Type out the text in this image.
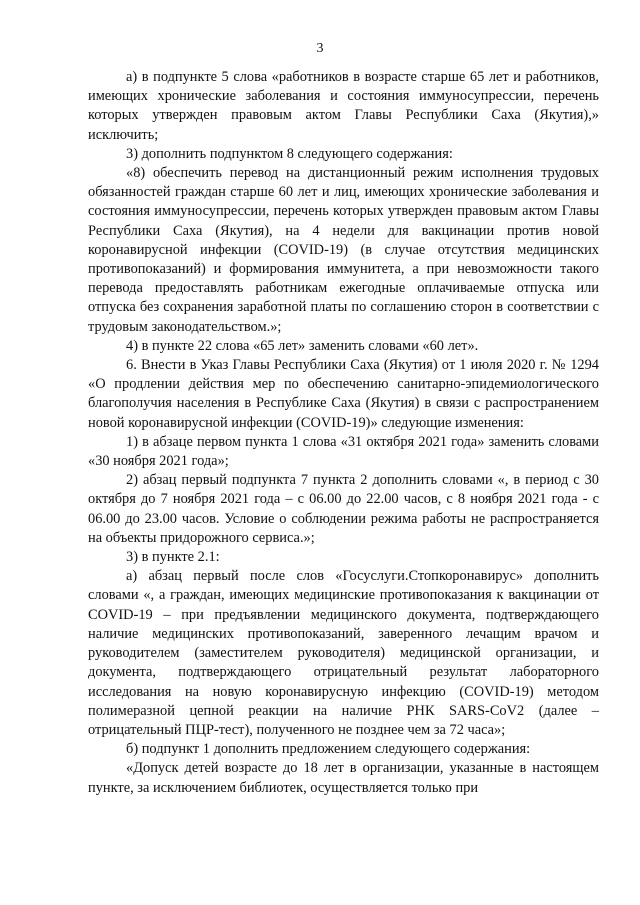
3

а) в подпункте 5 слова «работников в возрасте старше 65 лет и работников, имеющих хронические заболевания и состояния иммуносупрессии, перечень которых утвержден правовым актом Главы Республики Саха (Якутия),» исключить;

3) дополнить подпунктом 8 следующего содержания:

«8) обеспечить перевод на дистанционный режим исполнения трудовых обязанностей граждан старше 60 лет и лиц, имеющих хронические заболевания и состояния иммуносупрессии, перечень которых утвержден правовым актом Главы Республики Саха (Якутия), на 4 недели для вакцинации против новой коронавирусной инфекции (COVID-19) (в случае отсутствия медицинских противопоказаний) и формирования иммунитета, а при невозможности такого перевода предоставлять работникам ежегодные оплачиваемые отпуска или отпуска без сохранения заработной платы по соглашению сторон в соответствии с трудовым законодательством.»;

4) в пункте 22 слова «65 лет» заменить словами «60 лет».

6. Внести в Указ Главы Республики Саха (Якутия) от 1 июля 2020 г. № 1294 «О продлении действия мер по обеспечению санитарно-эпидемиологического благополучия населения в Республике Саха (Якутия) в связи с распространением новой коронавирусной инфекции (COVID-19)» следующие изменения:

1) в абзаце первом пункта 1 слова «31 октября 2021 года» заменить словами «30 ноября 2021 года»;

2) абзац первый подпункта 7 пункта 2 дополнить словами «, в период с 30 октября до 7 ноября 2021 года – с 06.00 до 22.00 часов, с 8 ноября 2021 года - с 06.00 до 23.00 часов. Условие о соблюдении режима работы не распространяется на объекты придорожного сервиса.»;

3) в пункте 2.1:

а) абзац первый после слов «Госуслуги.Стопкоронавирус» дополнить словами «, а граждан, имеющих медицинские противопоказания к вакцинации от COVID-19 – при предъявлении медицинского документа, подтверждающего наличие медицинских противопоказаний, заверенного лечащим врачом и руководителем (заместителем руководителя) медицинской организации, и документа, подтверждающего отрицательный результат лабораторного исследования на новую коронавирусную инфекцию (COVID-19) методом полимеразной цепной реакции на наличие РНК SARS-CoV2 (далее – отрицательный ПЦР-тест), полученного не позднее чем за 72 часа»;

б) подпункт 1 дополнить предложением следующего содержания:

«Допуск детей возрасте до 18 лет в организации, указанные в настоящем пункте, за исключением библиотек, осуществляется только при
